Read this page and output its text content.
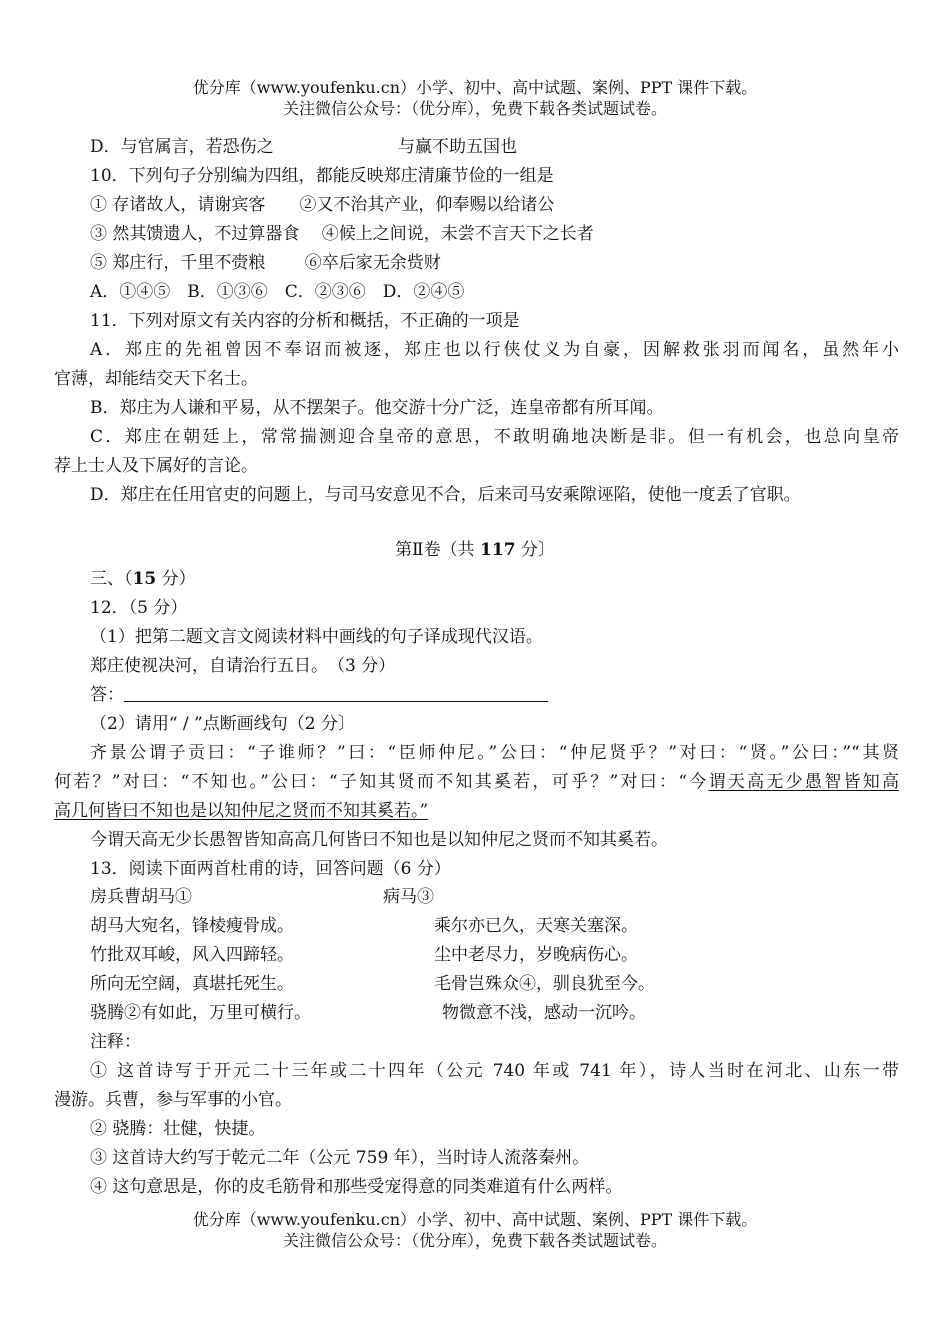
优分库（www.youfenku.cn）小学、初中、高中试题、案例、PPT 课件下载。
关注微信公众号：（优分库），免费下载各类试题试卷。
D．与官属言，若恐伤之	与赢不助五国也
10．下列句子分别编为四组，都能反映郑庄清廉节俭的一组是
① 存诸故人，请谢宾客　　②又不治其产业，仰奉赐以给诸公
③ 然其馈遗人，不过算器食　 ④候上之间说，未尝不言天下之长者
⑤ 郑庄行，千里不赍粮　　 ⑥卒后家无余赀财
A．①④⑤　B．①③⑥　C．②③⑥　D．②④⑤
11．下列对原文有关内容的分析和概括，不正确的一项是
A．郑庄的先祖曾因不奉诏而被逐，郑庄也以行侠仗义为自豪，因解救张羽而闻名，虽然年小
官薄，却能结交天下名士。
B．郑庄为人谦和平易，从不摆架子。他交游十分广泛，连皇帝都有所耳闻。
C．郑庄在朝廷上，常常揣测迎合皇帝的意思，不敢明确地决断是非。但一有机会，也总向皇帝
荐上士人及下属好的言论。
D．郑庄在任用官吏的问题上，与司马安意见不合，后来司马安乘隙诬陷，使他一度丢了官职。
第Ⅱ卷（共 117 分〕
三、（15 分）
12．（5 分）
（1）把第二题文言文阅读材料中画线的句子译成现代汉语。
郑庄使视决河，自请治行五日。　（3 分）
答：
（2）请用“ / ”点断画线句（2 分〕
齐景公谓子贡曰：“子谁师？”曰：“臣师仲尼。”公曰：“仲尼贤乎？”对曰：“贤。”公曰：”“其贤
何若？”对曰：“不知也。”公曰：“子知其贤而不知其奚若，可乎？”对曰：“今谓天高无少愚智皆知高
高几何皆曰不知也是以知仲尼之贤而不知其奚若。”
今谓天高无少长愚智皆知高高几何皆曰不知也是以知仲尼之贤而不知其奚若。
13．阅读下面两首杜甫的诗，回答问题（6 分）
房兵曹胡马①	病马③
胡马大宛名，锋棱瘦骨成。	乘尔亦已久，天寒关塞深。
竹批双耳峻，风入四蹄轻。	尘中老尽力，岁晚病伤心。
所向无空阔，真堪托死生。	毛骨岂殊众④，驯良犹至今。
骁腾②有如此，万里可横行。	物微意不浅，感动一沉吟。
注释：
① 这首诗写于开元二十三年或二十四年（公元 740 年或 741 年），诗人当时在河北、山东一带
漫游。兵曹，参与军事的小官。
② 骁腾：壮健，快捷。
③ 这首诗大约写于乾元二年（公元 759 年），当时诗人流落秦州。
④ 这句意思是，你的皮毛筋骨和那些受宠得意的同类难道有什么两样。
优分库（www.youfenku.cn）小学、初中、高中试题、案例、PPT 课件下载。
关注微信公众号：（优分库），免费下载各类试题试卷。
